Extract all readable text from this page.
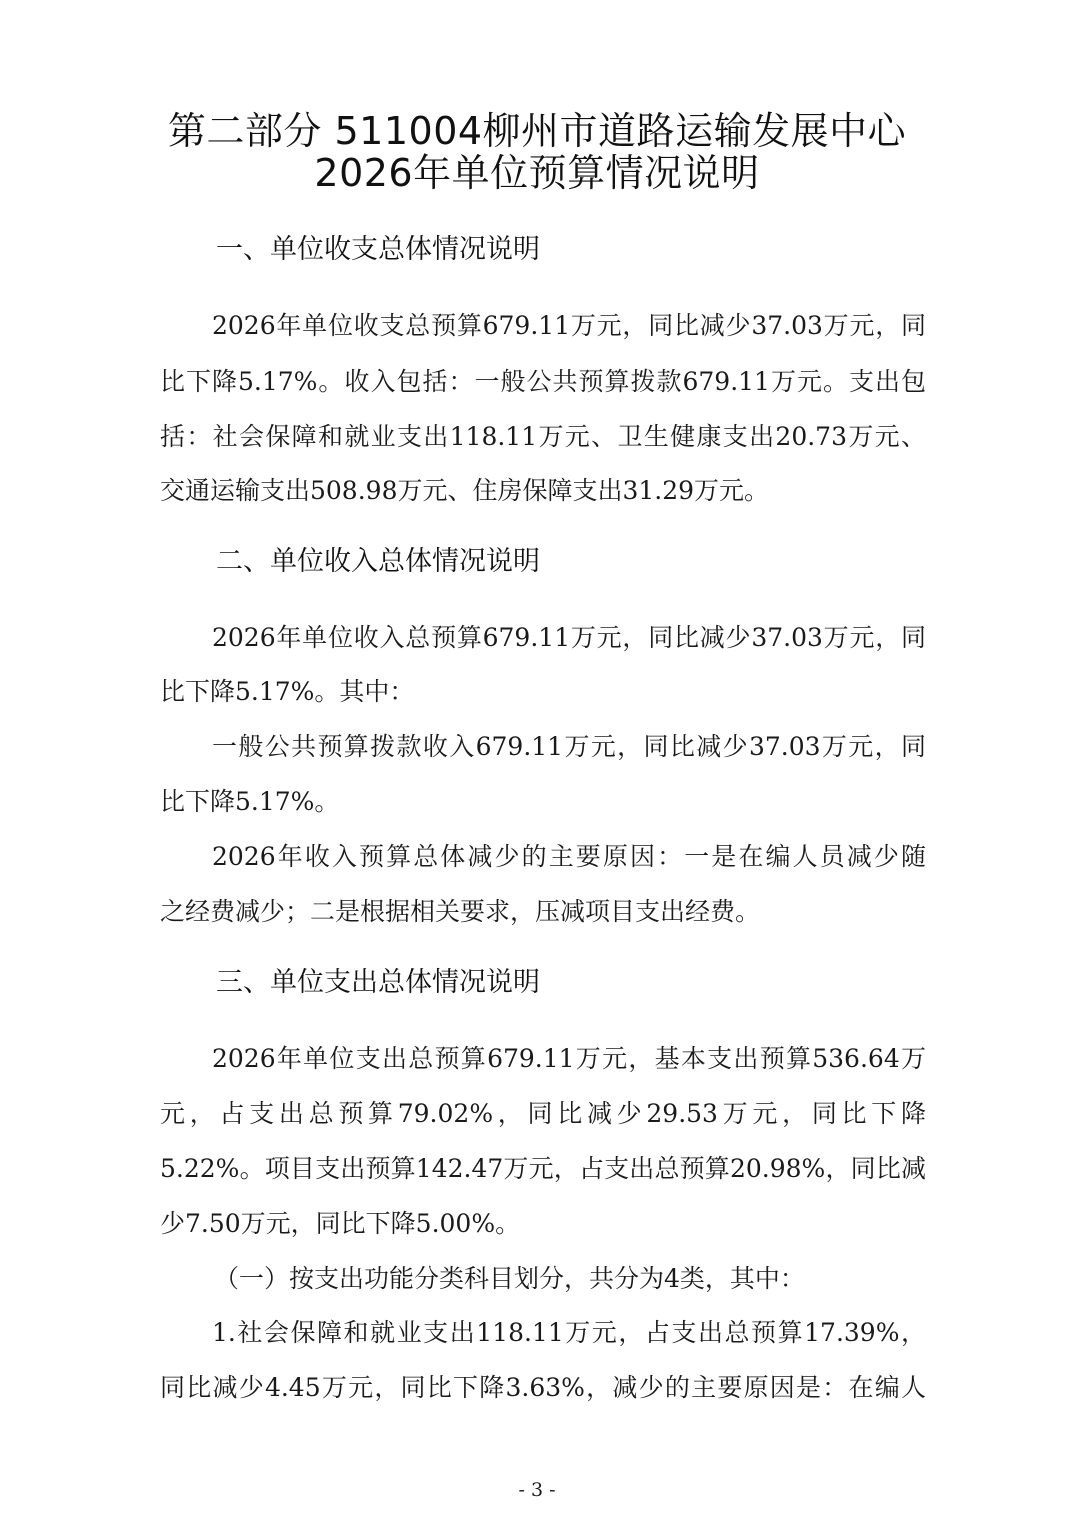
第二部分 511004柳州市道路运输发展中心
2026年单位预算情况说明
一、单位收支总体情况说明
2026年单位收支总预算679.11万元，同比减少37.03万元，同
比下降5.17%。收入包括：一般公共预算拨款679.11万元。支出包
括：社会保障和就业支出118.11万元、卫生健康支出20.73万元、
交通运输支出508.98万元、住房保障支出31.29万元。
二、单位收入总体情况说明
2026年单位收入总预算679.11万元，同比减少37.03万元，同
比下降5.17%。其中：
一般公共预算拨款收入679.11万元，同比减少37.03万元，同
比下降5.17%。
2026年收入预算总体减少的主要原因：一是在编人员减少随
之经费减少；二是根据相关要求，压减项目支出经费。
三、单位支出总体情况说明
2026年单位支出总预算679.11万元，基本支出预算536.64万
元，占支出总预算79.02%，同比减少29.53万元，同比下降
5.22%。项目支出预算142.47万元，占支出总预算20.98%，同比减
少7.50万元，同比下降5.00%。
（一）按支出功能分类科目划分，共分为4类，其中：
1.社会保障和就业支出118.11万元，占支出总预算17.39%，
同比减少4.45万元，同比下降3.63%，减少的主要原因是：在编人
- 3 -
